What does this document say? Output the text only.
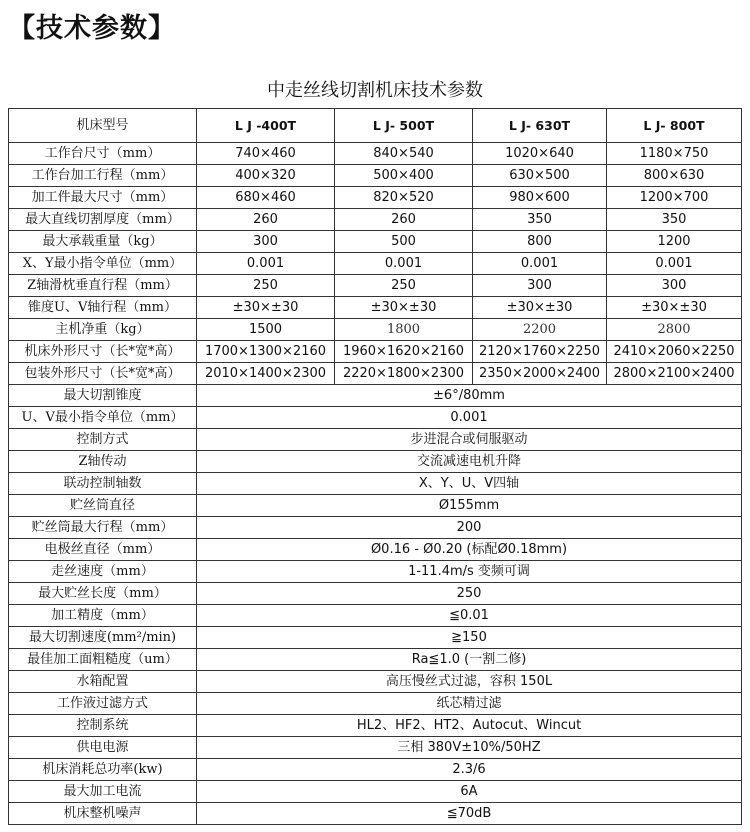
【技术参数】
中走丝线切割机床技术参数
机床型号	L J -400T	L J- 500T	L J- 630T	L J- 800T
工作台尺寸（mm）	740×460	840×540	1020×640	1180×750
工作台加工行程（mm）	400×320	500×400	630×500	800×630
加工件最大尺寸（mm）	680×460	820×520	980×600	1200×700
最大直线切割厚度（mm）	260	260	350	350
最大承载重量（kg）	300	500	800	1200
X、Y最小指令单位（mm）	0.001	0.001	0.001	0.001
Z轴滑枕垂直行程（mm）	250	250	300	300
锥度U、V轴行程（mm）	±30×±30	±30×±30	±30×±30	±30×±30
主机净重（kg）	1500	1800	2200	2800
机床外形尺寸（长*宽*高）	1700×1300×2160	1960×1620×2160	2120×1760×2250	2410×2060×2250
包装外形尺寸（长*宽*高）	2010×1400×2300	2220×1800×2300	2350×2000×2400	2800×2100×2400
最大切割锥度	±6°/80mm			
U、V最小指令单位（mm）	0.001			
控制方式	步进混合或伺服驱动			
Z轴传动	交流减速电机升降			
联动控制轴数	X、Y、U、V四轴			
贮丝筒直径	Ø155mm			
贮丝筒最大行程（mm）	200			
电极丝直径（mm）	Ø0.16 - Ø0.20 (标配Ø0.18mm)			
走丝速度（mm）	1-11.4m/s 变频可调			
最大贮丝长度（mm）	250			
加工精度（mm）	≦0.01			
最大切割速度(mm²/min)	≧150			
最佳加工面粗糙度（um）	Ra≦1.0 (一割二修)			
水箱配置	高压慢丝式过滤，容积 150L			
工作液过滤方式	纸芯精过滤			
控制系统	HL2、HF2、HT2、Autocut、Wincut			
供电电源	三相 380V±10%/50HZ			
机床消耗总功率(kw)	2.3/6			
最大加工电流	6A			
机床整机噪声	≦70dB			
